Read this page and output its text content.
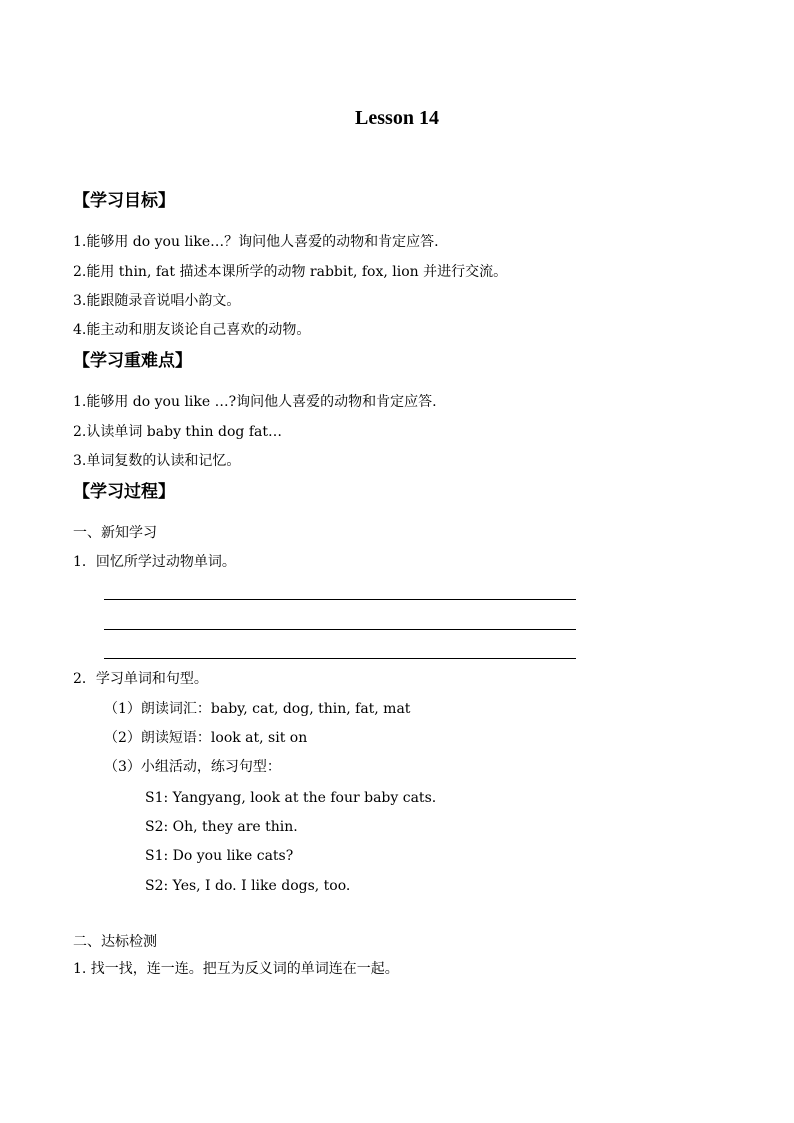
Lesson 14
【学习目标】
1.能够用 do you like…？询问他人喜爱的动物和肯定应答.
2.能用 thin, fat 描述本课所学的动物 rabbit, fox, lion 并进行交流。
3.能跟随录音说唱小韵文。
4.能主动和朋友谈论自己喜欢的动物。
【学习重难点】
1.能够用 do you like …?询问他人喜爱的动物和肯定应答.
2.认读单词 baby thin dog fat…
3.单词复数的认读和记忆。
【学习过程】
一、新知学习
1．回忆所学过动物单词。
2．学习单词和句型。
（1）朗读词汇：baby, cat, dog, thin, fat, mat
（2）朗读短语：look at, sit on
（3）小组活动，练习句型：
S1: Yangyang, look at the four baby cats.
S2: Oh, they are thin.
S1: Do you like cats?
S2: Yes, I do. I like dogs, too.
二、达标检测
1. 找一找，连一连。把互为反义词的单词连在一起。
